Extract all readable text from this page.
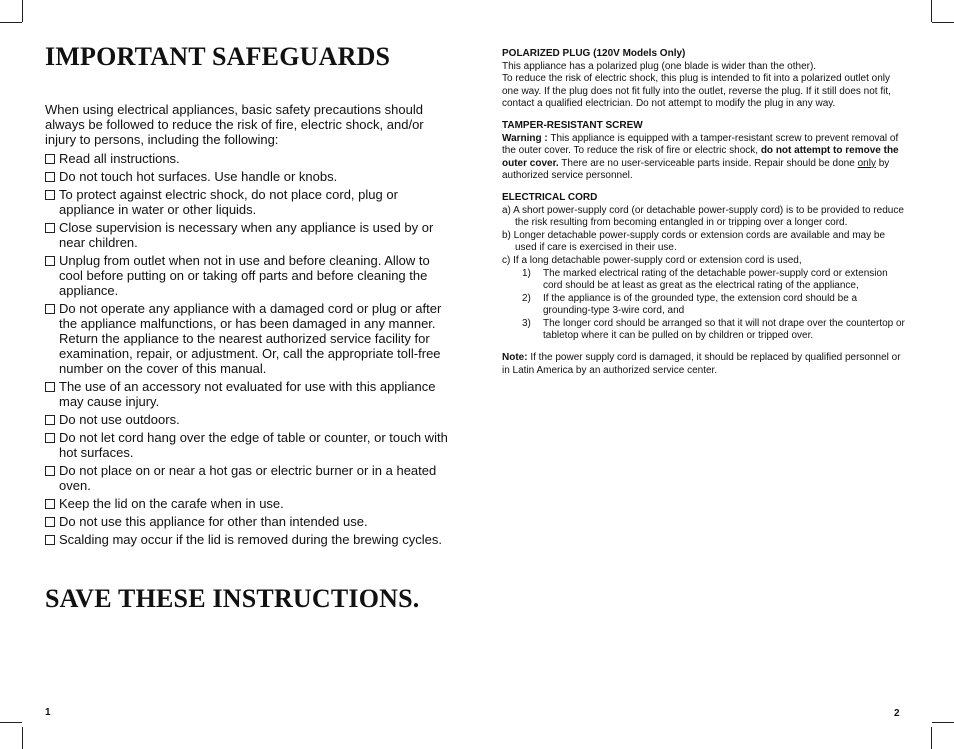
IMPORTANT SAFEGUARDS
When using electrical appliances, basic safety precautions should always be followed to reduce the risk of fire, electric shock, and/or injury to persons, including the following:
Read all instructions.
Do not touch hot surfaces. Use handle or knobs.
To protect against electric shock, do not place cord, plug or appliance in water or other liquids.
Close supervision is necessary when any appliance is used by or near children.
Unplug from outlet when not in use and before cleaning. Allow to cool before putting on or taking off parts and before cleaning the appliance.
Do not operate any appliance with a damaged cord or plug or after the appliance malfunctions, or has been damaged in any manner. Return the appliance to the nearest authorized service facility for examination, repair, or adjustment. Or, call the appropriate toll-free number on the cover of this manual.
The use of an accessory not evaluated for use with this appliance may cause injury.
Do not use outdoors.
Do not let cord hang over the edge of table or counter, or touch with hot surfaces.
Do not place on or near a hot gas or electric burner or in a heated oven.
Keep the lid on the carafe when in use.
Do not use this appliance for other than intended use.
Scalding may occur if the lid is removed during the brewing cycles.
SAVE THESE INSTRUCTIONS.
1
POLARIZED PLUG (120V Models Only)

This appliance has a polarized plug (one blade is wider than the other).

To reduce the risk of electric shock, this plug is intended to fit into a polarized outlet only one way. If the plug does not fit fully into the outlet, reverse the plug. If it still does not fit, contact a qualified electrician. Do not attempt to modify the plug in any way.

TAMPER-RESISTANT SCREW

Warning : This appliance is equipped with a tamper-resistant screw to prevent removal of the outer cover. To reduce the risk of fire or electric shock, do not attempt to remove the outer cover. There are no user-serviceable parts inside. Repair should be done only by authorized service personnel.

ELECTRICAL CORD

a) A short power-supply cord (or detachable power-supply cord) is to be provided to reduce the risk resulting from becoming entangled in or tripping over a longer cord.

b) Longer detachable power-supply cords or extension cords are available and may be used if care is exercised in their use.

c) If a long detachable power-supply cord or extension cord is used,

1) The marked electrical rating of the detachable power-supply cord or extension cord should be at least as great as the electrical rating of the appliance,

2) If the appliance is of the grounded type, the extension cord should be a grounding-type 3-wire cord, and

3) The longer cord should be arranged so that it will not drape over the countertop or tabletop where it can be pulled on by children or tripped over.

Note: If the power supply cord is damaged, it should be replaced by qualified personnel or in Latin America by an authorized service center.

2
